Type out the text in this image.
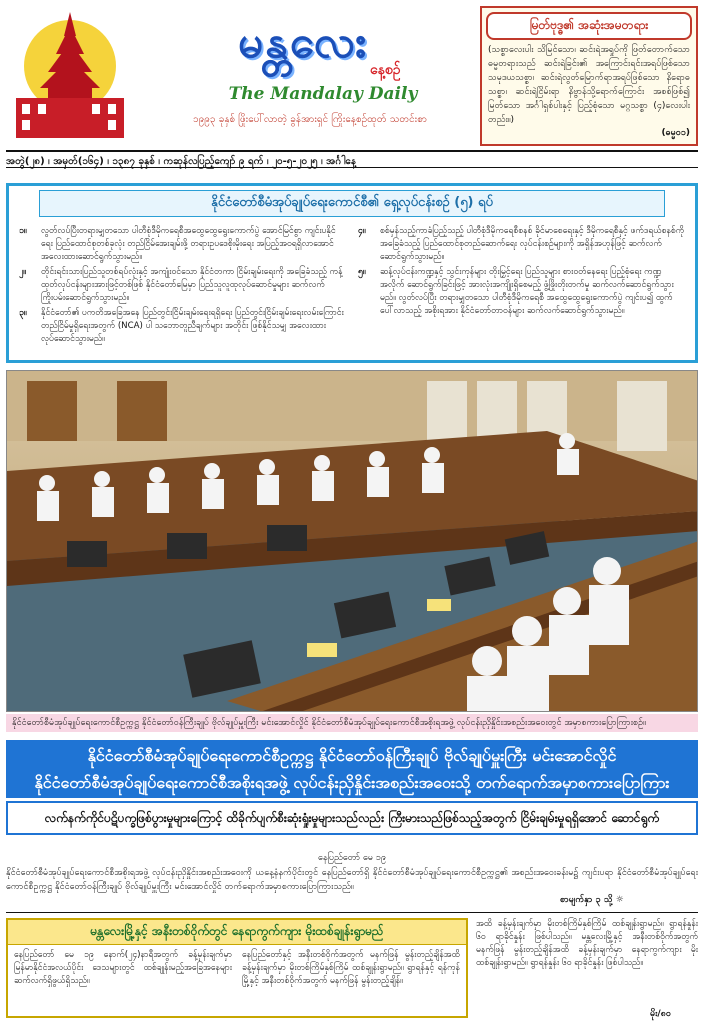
မန္တလေး
နေ့စဉ်
The Mandalay Daily
၁၉၉၃ ခုနှစ် ဖြိုးပေါ်လာတဲ့ ခွန်အားရှင် ကြိုးနေ့စဉ်ထုတ် သတင်းစာ
မြတ်ဗုဒ္ဓ၏ အဆုံးအမတရား
(သစ္စာလေးပါး သိမြင်သော၊ ဆင်းရဲအရှုပ်ကို ဖြတ်တောက်သော ဓမ္မတရားသည် ဆင်းရဲခြင်း၏ အကြောင်းရင်းအရပ်ဖြစ်သော သမုဒယသစ္စာ၊ ဆင်းရဲလွတ်မြောက်ရာအရပ်ဖြစ်သော နိရောဓသစ္စာ၊ ဆင်းရဲငြိမ်းရာ နိဗ္ဗာန်သို့ရောက်ကြောင်း အစစ်ဖြစ်၍ မြတ်သော အင်္ဂါရှစ်ပါးနှင့် ပြည့်စုံသော မဂ္ဂသစ္စာ (၄)လေးပါးတည်း။)
(ဓမ္မ၀၁)
အတွဲ(၂၈) ၊ အမှတ်(၁၆၄) ၊ ၁၃၈၇ ခုနှစ် ၊ ကဆုန်လပြည့်ကျော် ၉ ရက် ၊ ၂၀-၅-၂၀၂၅ ၊ အင်္ဂါနေ့
နိုင်ငံတော်စီမံအုပ်ချုပ်ရေးကောင်စီ၏ ရှေ့လုပ်ငန်းစဉ် (၅) ရပ်
၁။	လွတ်လပ်ပြီးတရားမျှတသော ပါတီစုံဒီမိုကရေစီအထွေထွေရွေးကောက်ပွဲ အောင်မြင်စွာ ကျင်းပနိုင်ရေး ပြည်ထောင်စုတစ်ခုလုံး တည်ငြိမ်အေးချမ်းဖို့ တရားဥပဒေစိုးမိုးရေး အပြည့်အ၀ရရှိလာအောင် အလေးထားဆောင်ရွက်သွားမည်။
၂။	တိုင်းရင်းသားပြည်သူတစ်ရပ်လုံးနှင့် အကျုံး၀င်သော နိုင်ငံတကာ ငြိမ်းချမ်းရေးကို အခြေခံသည့် ကန့်ထုတ်လုပ်ငန်းများအားဖြင့်တစ်ဖြစ် နိုင်ငံတော်မြေမှာ ပြည်သူလူထုလုပ်ဆောင်မှုများ ဆက်လက်ကြိုးပမ်းဆောင်ရွက်သွားမည်။
၃။	နိုင်ငံတော်၏ ပကတိအခြေအနေ ပြည်တွင်းငြိမ်းချမ်းရေးရရှိရေး ပြည်တွင်းငြိမ်းချမ်းရေးလမ်းကြောင်း တည်ငြိမ်မှုရှိရေးအတွက် (NCA) ပါ သဘောတူညီချက်များ အတိုင်း ဖြစ်နိုင်သမျှ အလေးထားလုပ်ဆောင်သွားမည်။
၄။	စစ်မှန်သည့်ကာခံပြည့်သည့် ပါတီစုံဒီမိုကရေစီစနစ် ခိုင်မာစေရေးနှင့် ဒီမိုကရေစီနှင့် ဖက်ဒရယ်စနစ်ကိုအခြေခံသည့် ပြည်ထောင်စုတည်ဆောက်ရေး လုပ်ငန်းစဉ်များကို အရှိန်အဟုန်ဖြင့် ဆက်လက်ဆောင်ရွက်သွားမည်။
၅။	ဆန့်လုပ်ငန်းကဏ္ဍနှင့် သွင်းကုန်များ တိုးမြှင့်ရေး ပြည်သူများ စားဝတ်နေရေး ပြည့်စုံရေး ကဏ္ဍအလိုက် ဆောင်ရွက်ခြင်းဖြင့် အားလုံးအကျိုးရှိစေမည့် ဖွံ့ဖြိုးတိုးတက်မှု ဆက်လက်ဆောင်ရွက်သွားမည်။ လွတ်လပ်ပြီး တရားမျှတသော ပါတီစုံဒီမိုကရေစီ အထွေထွေရွေးကောက်ပွဲ ကျင်းပ၍ ထွက်ပေါ်လာသည့် အစိုးရအား နိုင်ငံတော်တာ၀န်များ ဆက်လက်ဆောင်ရွက်သွားမည်။
နိုင်ငံတော်စီမံအုပ်ချုပ်ရေးကောင်စီဥက္ကဋ္ဌ နိုင်ငံတော်ဝန်ကြီးချုပ် ဗိုလ်ချုပ်မှူးကြီး မင်းအောင်လှိုင် နိုင်ငံတော်စီမံအုပ်ချုပ်ရေးကောင်စီအစိုးရအဖွဲ့ လုပ်ငန်းညှိနှိုင်းအစည်းအဝေးတွင် အမှာစကားပြောကြားစဉ်။
နိုင်ငံတော်စီမံအုပ်ချုပ်ရေးကောင်စီဥက္ကဋ္ဌ နိုင်ငံတော်ဝန်ကြီးချုပ် ဗိုလ်ချုပ်မှူးကြီး မင်းအောင်လှိုင်
နိုင်ငံတော်စီမံအုပ်ချုပ်ရေးကောင်စီအစိုးရအဖွဲ့ လုပ်ငန်းညှိနှိုင်းအစည်းအဝေးသို့ တက်ရောက်အမှာစကားပြောကြား
လက်နက်ကိုင်ပဋိပက္ခဖြစ်ပွားမှုများကြောင့် ထိခိုက်ပျက်စီးဆုံးရှုံးမှုများသည်လည်း ကြီးမားသည်ဖြစ်သည့်အတွက် ငြိမ်းချမ်းမှုရရှိအောင် ဆောင်ရွက်
နေပြည်တော် မေ ၁၉
နိုင်ငံတော်စီမံအုပ်ချုပ်ရေးကောင်စီအစိုးရအဖွဲ့ လုပ်ငန်းညှိနှိုင်းအစည်းအဝေးကို ယနေ့နံနက်ပိုင်းတွင် နေပြည်တော်ရှိ နိုင်ငံတော်စီမံအုပ်ချုပ်ရေးကောင်စီဥက္ကဋ္ဌ၏ အစည်းအဝေးခန်းမ၌ ကျင်းပရာ နိုင်ငံတော်စီမံအုပ်ချုပ်ရေးကောင်စီဥက္ကဋ္ဌ နိုင်ငံတော်ဝန်ကြီးချုပ် ဗိုလ်ချုပ်မှူးကြီး မင်းအောင်လှိုင် တက်ရောက်အမှာစကားပြောကြားသည်။
စာမျက်နှာ ၃ သို့ ☼
မန္တလေးမြို့နှင့် အနီးတစ်ဝိုက်တွင် နေရာကွက်ကျား မိုးထစ်ချုန်းရွာမည်
နေပြည်တော် မေ ၁၉ နောက်(၂၄)နာရီအတွက် ခန့်မှန်းချက်မှာ မြန်မာနိုင်ငံအလယ်ပိုင်း ဒေသများတွင် ထစ်ချုန်းမည့်အခြေအနေများ ဆက်လက်ရှိဖွယ်ရှိသည်။
နေပြည်တော်နှင့် အနီးတစ်ဝိုက်အတွက် မနက်ဖြန် မွန်းတည့်ချိန်အထိ ခန့်မှန်းချက်မှာ မိုးတစ်ကြိမ်နှစ်ကြိမ် ထစ်ချုန်းရွာမည်။ ရွာရန်နှင့် ရန်ကုန်မြို့နှင့် အနီးတစ်ဝိုက်အတွက် မနက်ဖြန် မွန်းတည့်ချိန်။
အထိ ခန့်မှန်းချက်မှာ မိုးတစ်ကြိမ်နှစ်ကြိမ် ထစ်ချုန်းရွာမည်။ ရွာရန်နှုန်း ၆၀ ရာခိုင်နှုန်း ဖြစ်ပါသည်။ မန္တလေးမြို့နှင့် အနီးတစ်ဝိုက်အတွက် မနက်ဖြန် မွန်းတည့်ချိန်အထိ ခန့်မှန်းချက်မှာ နေရာကွက်ကျား မိုးထစ်ချုန်းရွာမည်။ ရွာရန်နှုန်း ၆၀ ရာခိုင်နှုန်း ဖြစ်ပါသည်။
မိုး/၈၀
